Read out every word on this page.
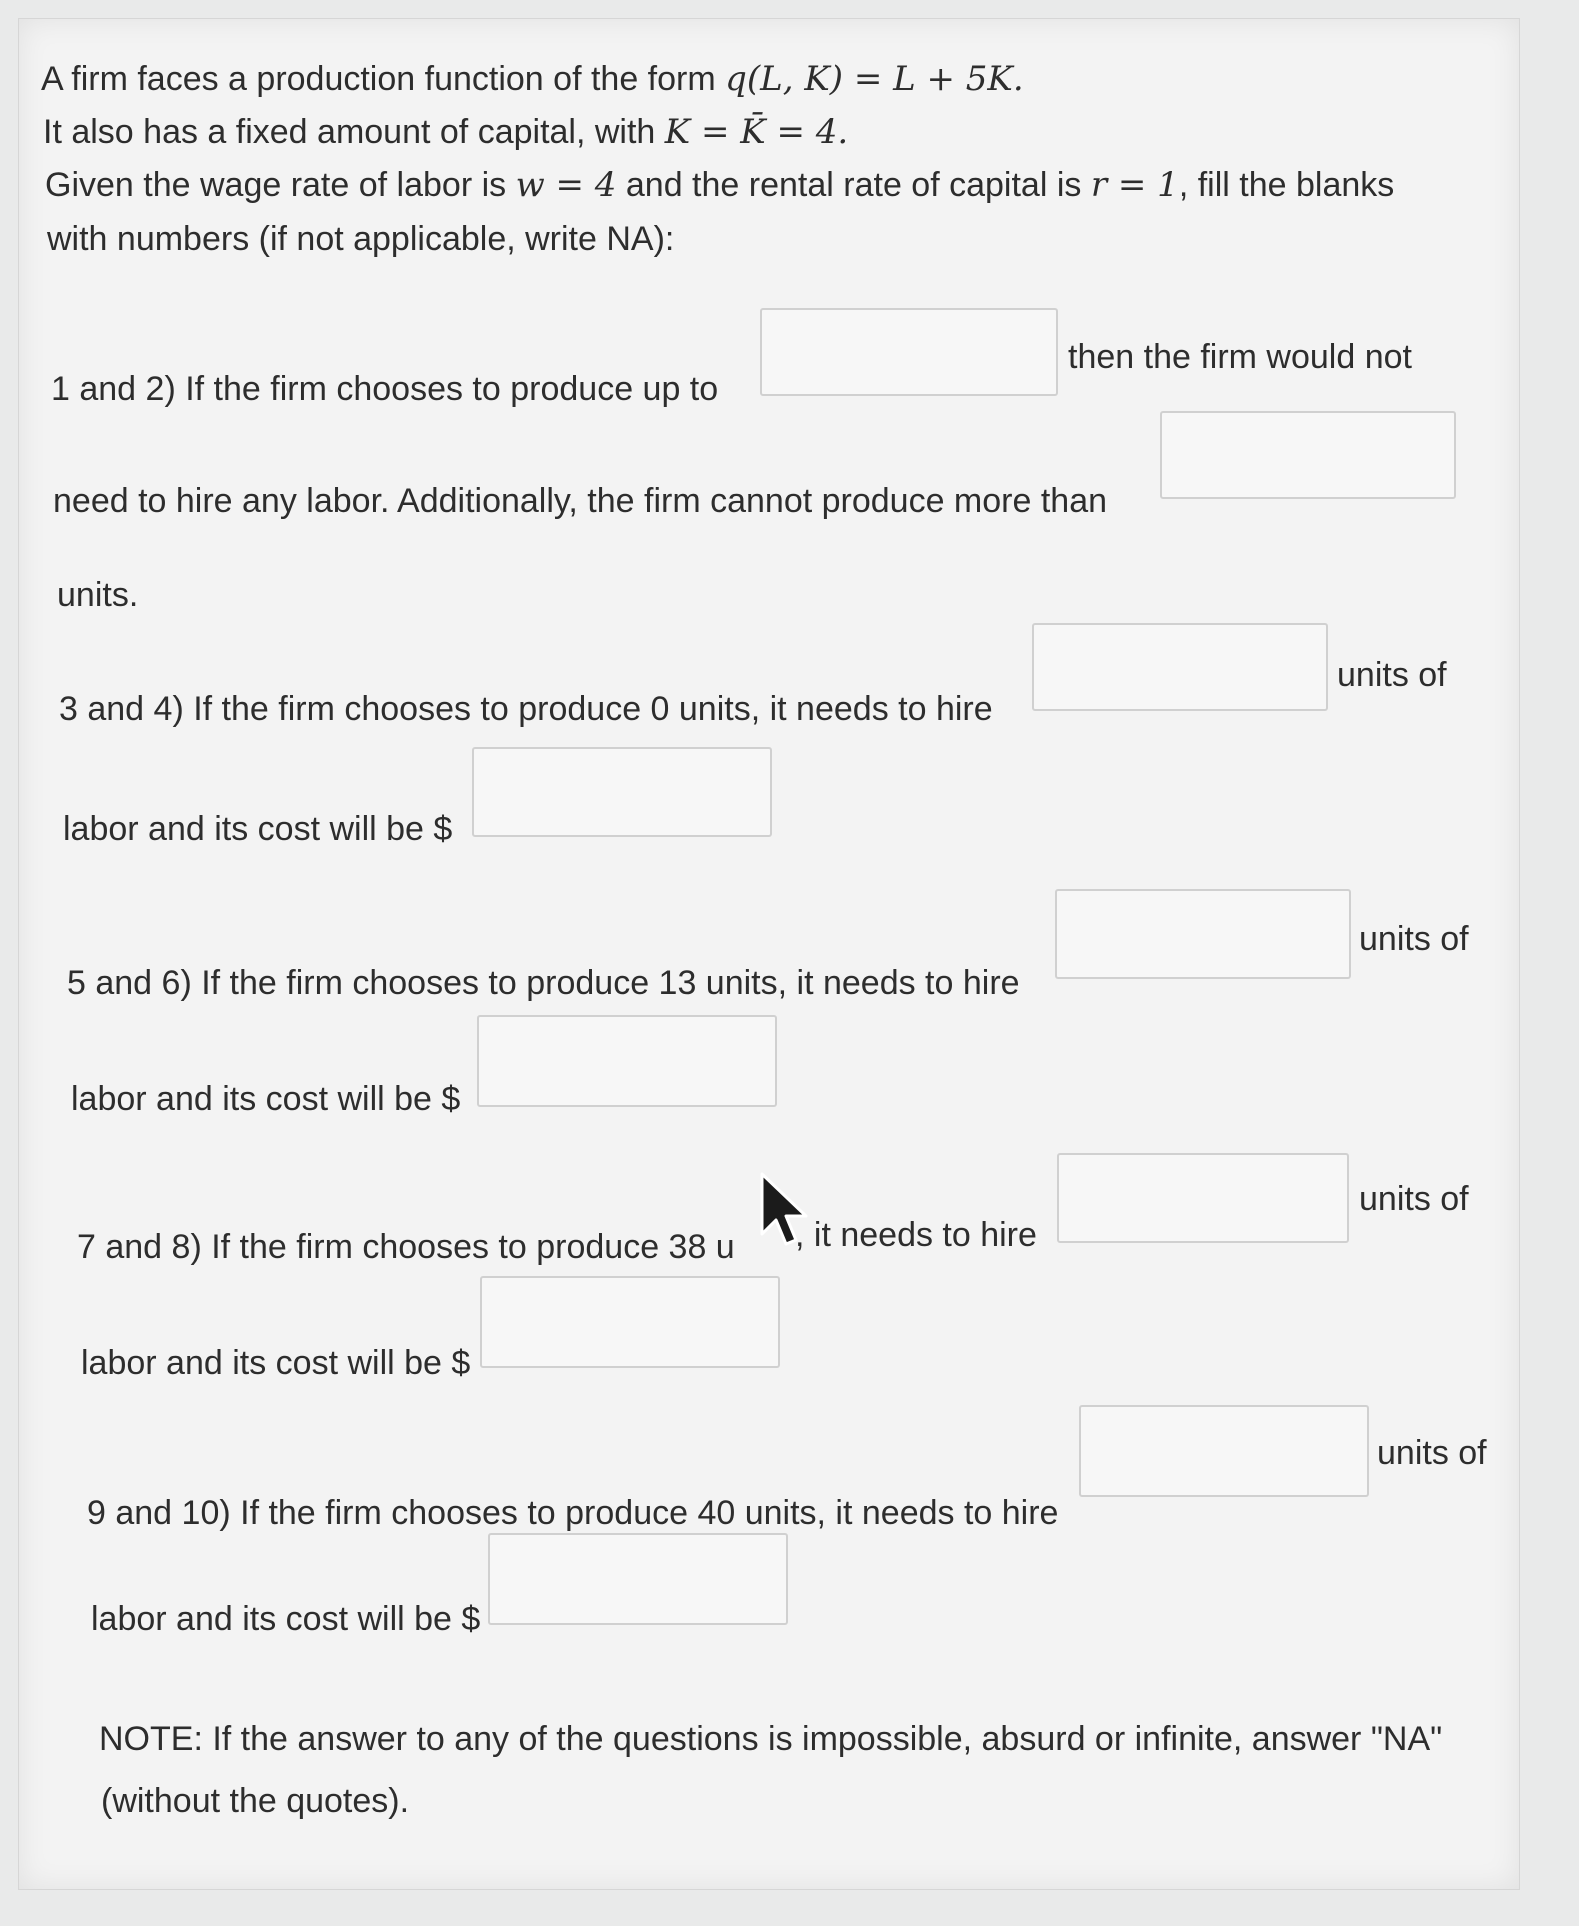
A firm faces a production function of the form q(L, K) = L + 5K.
It also has a fixed amount of capital, with K = K̄ = 4.
Given the wage rate of labor is w = 4 and the rental rate of capital is r = 1, fill the blanks
with numbers (if not applicable, write NA):
1 and 2) If the firm chooses to produce up to
then the firm would not
need to hire any labor. Additionally, the firm cannot produce more than
units.
3 and 4) If the firm chooses to produce 0 units, it needs to hire
units of
labor and its cost will be $
5 and 6) If the firm chooses to produce 13 units, it needs to hire
units of
labor and its cost will be $
7 and 8) If the firm chooses to produce 38 u , it needs to hire
units of
labor and its cost will be $
9 and 10) If the firm chooses to produce 40 units, it needs to hire
units of
labor and its cost will be $
NOTE: If the answer to any of the questions is impossible, absurd or infinite, answer "NA"
(without the quotes).
